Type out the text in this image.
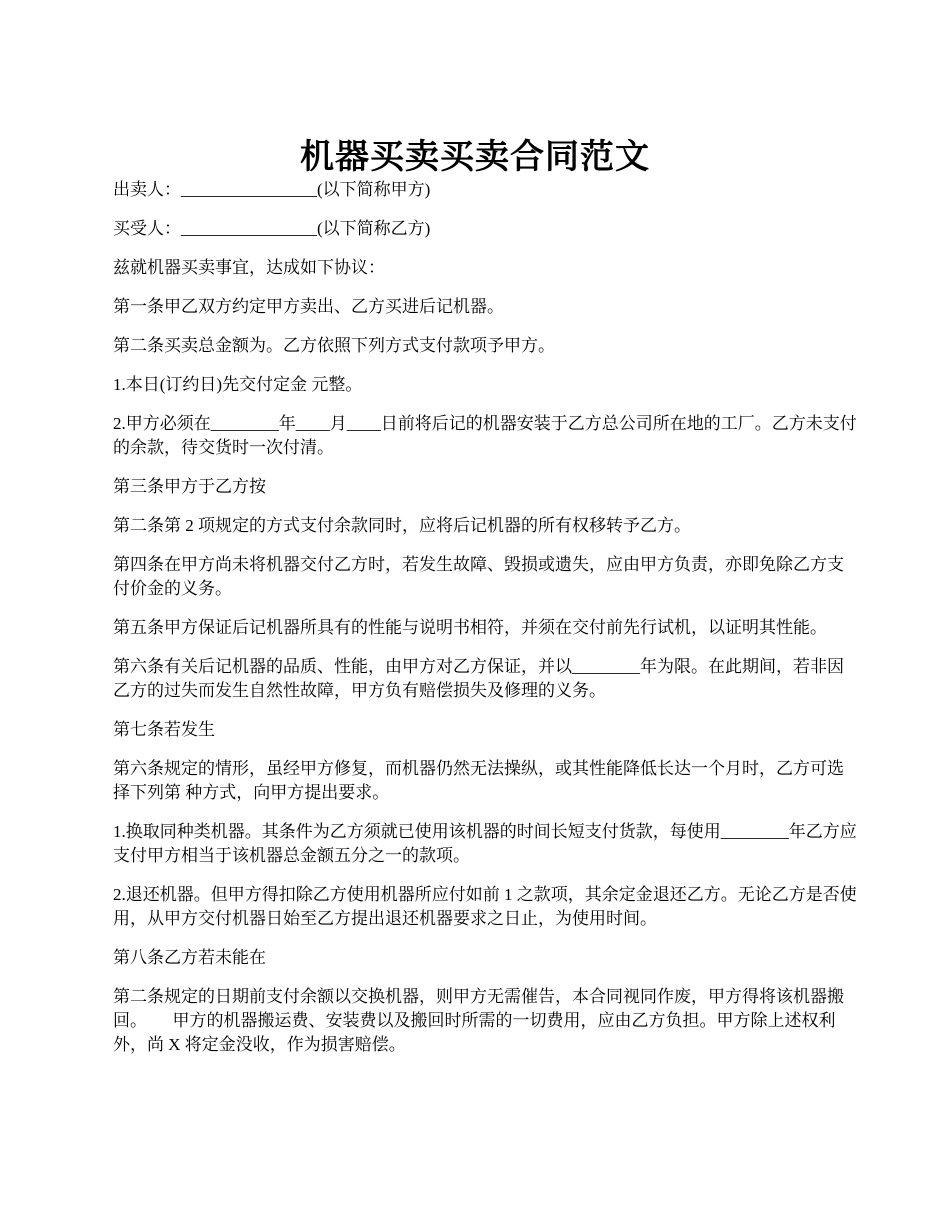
机器买卖买卖合同范文

出卖人：________________(以下简称甲方)

买受人：________________(以下简称乙方)

兹就机器买卖事宜，达成如下协议：

第一条甲乙双方约定甲方卖出、乙方买进后记机器。

第二条买卖总金额为。乙方依照下列方式支付款项予甲方。

1.本日(订约日)先交付定金 元整。

2.甲方必须在________年____月____日前将后记的机器安装于乙方总公司所在地的工厂。乙方未支付的余款，待交货时一次付清。

第三条甲方于乙方按

第二条第 2 项规定的方式支付余款同时，应将后记机器的所有权移转予乙方。

第四条在甲方尚未将机器交付乙方时，若发生故障、毁损或遗失，应由甲方负责，亦即免除乙方支付价金的义务。

第五条甲方保证后记机器所具有的性能与说明书相符，并须在交付前先行试机，以证明其性能。

第六条有关后记机器的品质、性能，由甲方对乙方保证，并以________年为限。在此期间，若非因乙方的过失而发生自然性故障，甲方负有赔偿损失及修理的义务。

第七条若发生

第六条规定的情形，虽经甲方修复，而机器仍然无法操纵，或其性能降低长达一个月时，乙方可选择下列第 种方式，向甲方提出要求。

1.换取同种类机器。其条件为乙方须就已使用该机器的时间长短支付货款，每使用________年乙方应支付甲方相当于该机器总金额五分之一的款项。

2.退还机器。但甲方得扣除乙方使用机器所应付如前 1 之款项，其余定金退还乙方。无论乙方是否使用，从甲方交付机器日始至乙方提出退还机器要求之日止，为使用时间。

第八条乙方若未能在

第二条规定的日期前支付余额以交换机器，则甲方无需催告，本合同视同作废，甲方得将该机器搬回。　　甲方的机器搬运费、安装费以及搬回时所需的一切费用，应由乙方负担。甲方除上述权利外，尚 X 将定金没收，作为损害赔偿。
